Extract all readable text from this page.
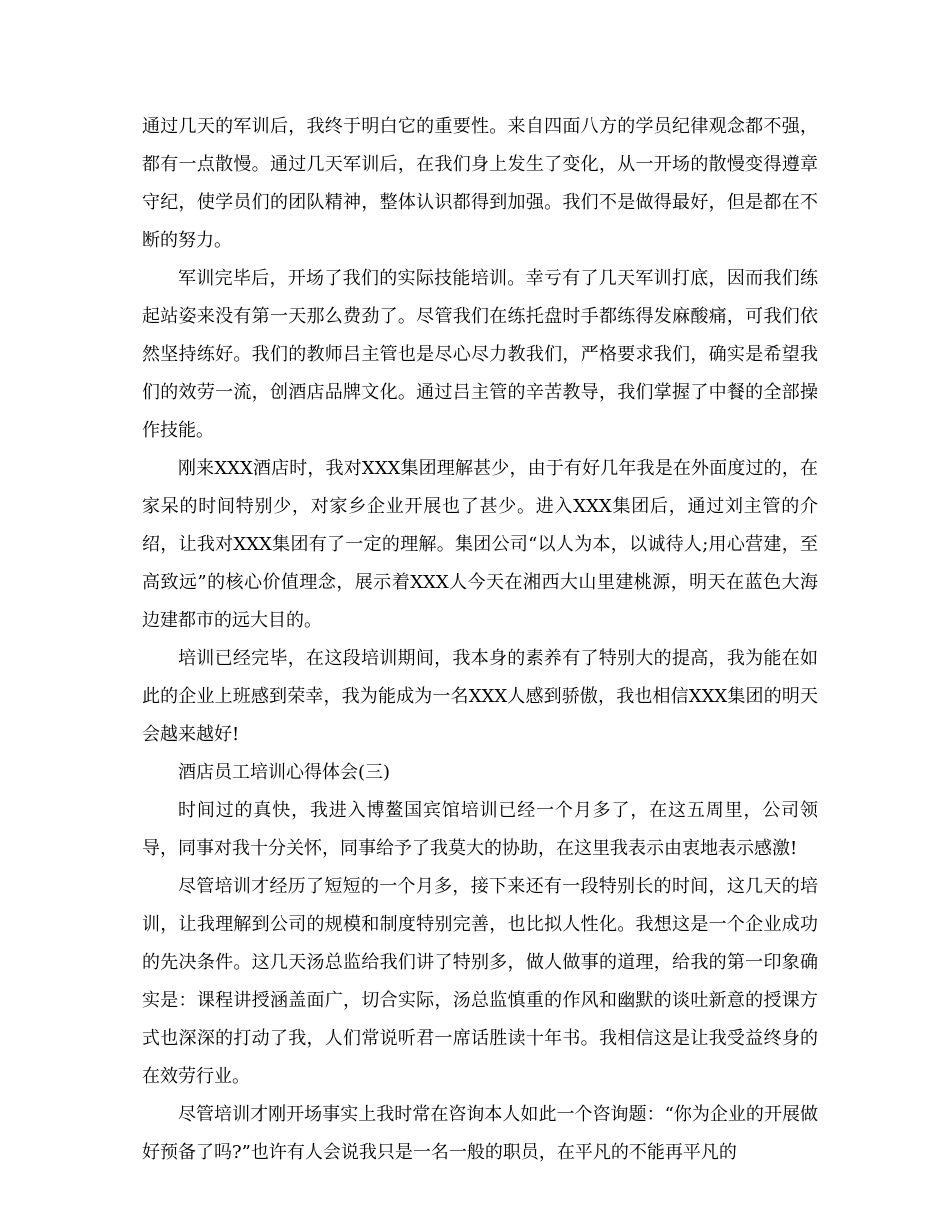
通过几天的军训后，我终于明白它的重要性。来自四面八方的学员纪律观念都不强，都有一点散慢。通过几天军训后，在我们身上发生了变化，从一开场的散慢变得遵章守纪，使学员们的团队精神，整体认识都得到加强。我们不是做得最好，但是都在不断的努力。

军训完毕后，开场了我们的实际技能培训。幸亏有了几天军训打底，因而我们练起站姿来没有第一天那么费劲了。尽管我们在练托盘时手都练得发麻酸痛，可我们依然坚持练好。我们的教师吕主管也是尽心尽力教我们，严格要求我们，确实是希望我们的效劳一流，创酒店品牌文化。通过吕主管的辛苦教导，我们掌握了中餐的全部操作技能。

刚来XXX酒店时，我对XXX集团理解甚少，由于有好几年我是在外面度过的，在家呆的时间特别少，对家乡企业开展也了甚少。进入XXX集团后，通过刘主管的介绍，让我对XXX集团有了一定的理解。集团公司“以人为本，以诚待人;用心营建，至高致远”的核心价值理念，展示着XXX人今天在湘西大山里建桃源，明天在蓝色大海边建都市的远大目的。

培训已经完毕，在这段培训期间，我本身的素养有了特别大的提高，我为能在如此的企业上班感到荣幸，我为能成为一名XXX人感到骄傲，我也相信XXX集团的明天会越来越好!

酒店员工培训心得体会(三)

时间过的真快，我进入博鳌国宾馆培训已经一个月多了，在这五周里，公司领导，同事对我十分关怀，同事给予了我莫大的协助，在这里我表示由衷地表示感激!

尽管培训才经历了短短的一个月多，接下来还有一段特别长的时间，这几天的培训，让我理解到公司的规模和制度特别完善，也比拟人性化。我想这是一个企业成功的先决条件。这几天汤总监给我们讲了特别多，做人做事的道理，给我的第一印象确实是：课程讲授涵盖面广，切合实际，汤总监慎重的作风和幽默的谈吐新意的授课方式也深深的打动了我，人们常说听君一席话胜读十年书。我相信这是让我受益终身的在效劳行业。

尽管培训才刚开场事实上我时常在咨询本人如此一个咨询题：“你为企业的开展做好预备了吗?”也许有人会说我只是一名一般的职员，在平凡的不能再平凡的
